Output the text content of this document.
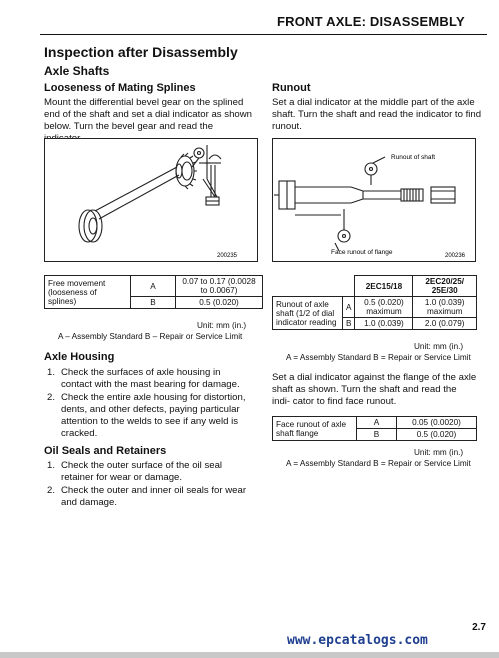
FRONT AXLE: DISASSEMBLY
Inspection after Disassembly
Axle Shafts
Looseness of Mating Splines
Mount the differential bevel gear on the splined end of the shaft and set a dial indicator as shown below. Turn the bevel gear and read the
200235
Free movement (looseness of splines)	A	0.07 to 0.17 (0.0028 to 0.0067)
	B	0.5 (0.020)
Unit: mm (in.)
A – Assembly Standard B – Repair or Service Limit
Axle Housing
1. Check the surfaces of axle housing in contact with the mast bearing for damage.
2. Check the entire axle housing for distortion, dents, and other defects, paying particular attention to the welds to see if any weld is cracked.
Oil Seals and Retainers
1. Check the outer surface of the oil seal retainer for wear or damage.
2. Check the outer and inner oil seals for wear and damage.
Runout
Set a dial indicator at the middle part of the axle shaft. Turn the shaft and read the indicator to find runout.
Runout of shaft
Face runout of flange	200236
		2EC15/18	2EC20/25/ 25E/30
Runout of axle shaft (1/2 of dial indicator reading	A	0.5 (0.020) maximum	1.0 (0.039) maximum
	B	1.0 (0.039)	2.0 (0.079)
Unit: mm (in.)
A = Assembly Standard B = Repair or Service Limit
Set a dial indicator against the flange of the axle shaft as shown. Turn the shaft and read the indi- cator to find face runout.
Face runout of axle shaft flange	A	0.05 (0.0020)
	B	0.5 (0.020)
Unit: mm (in.)
A = Assembly Standard B = Repair or Service Limit
2.7
www.epcatalogs.com
